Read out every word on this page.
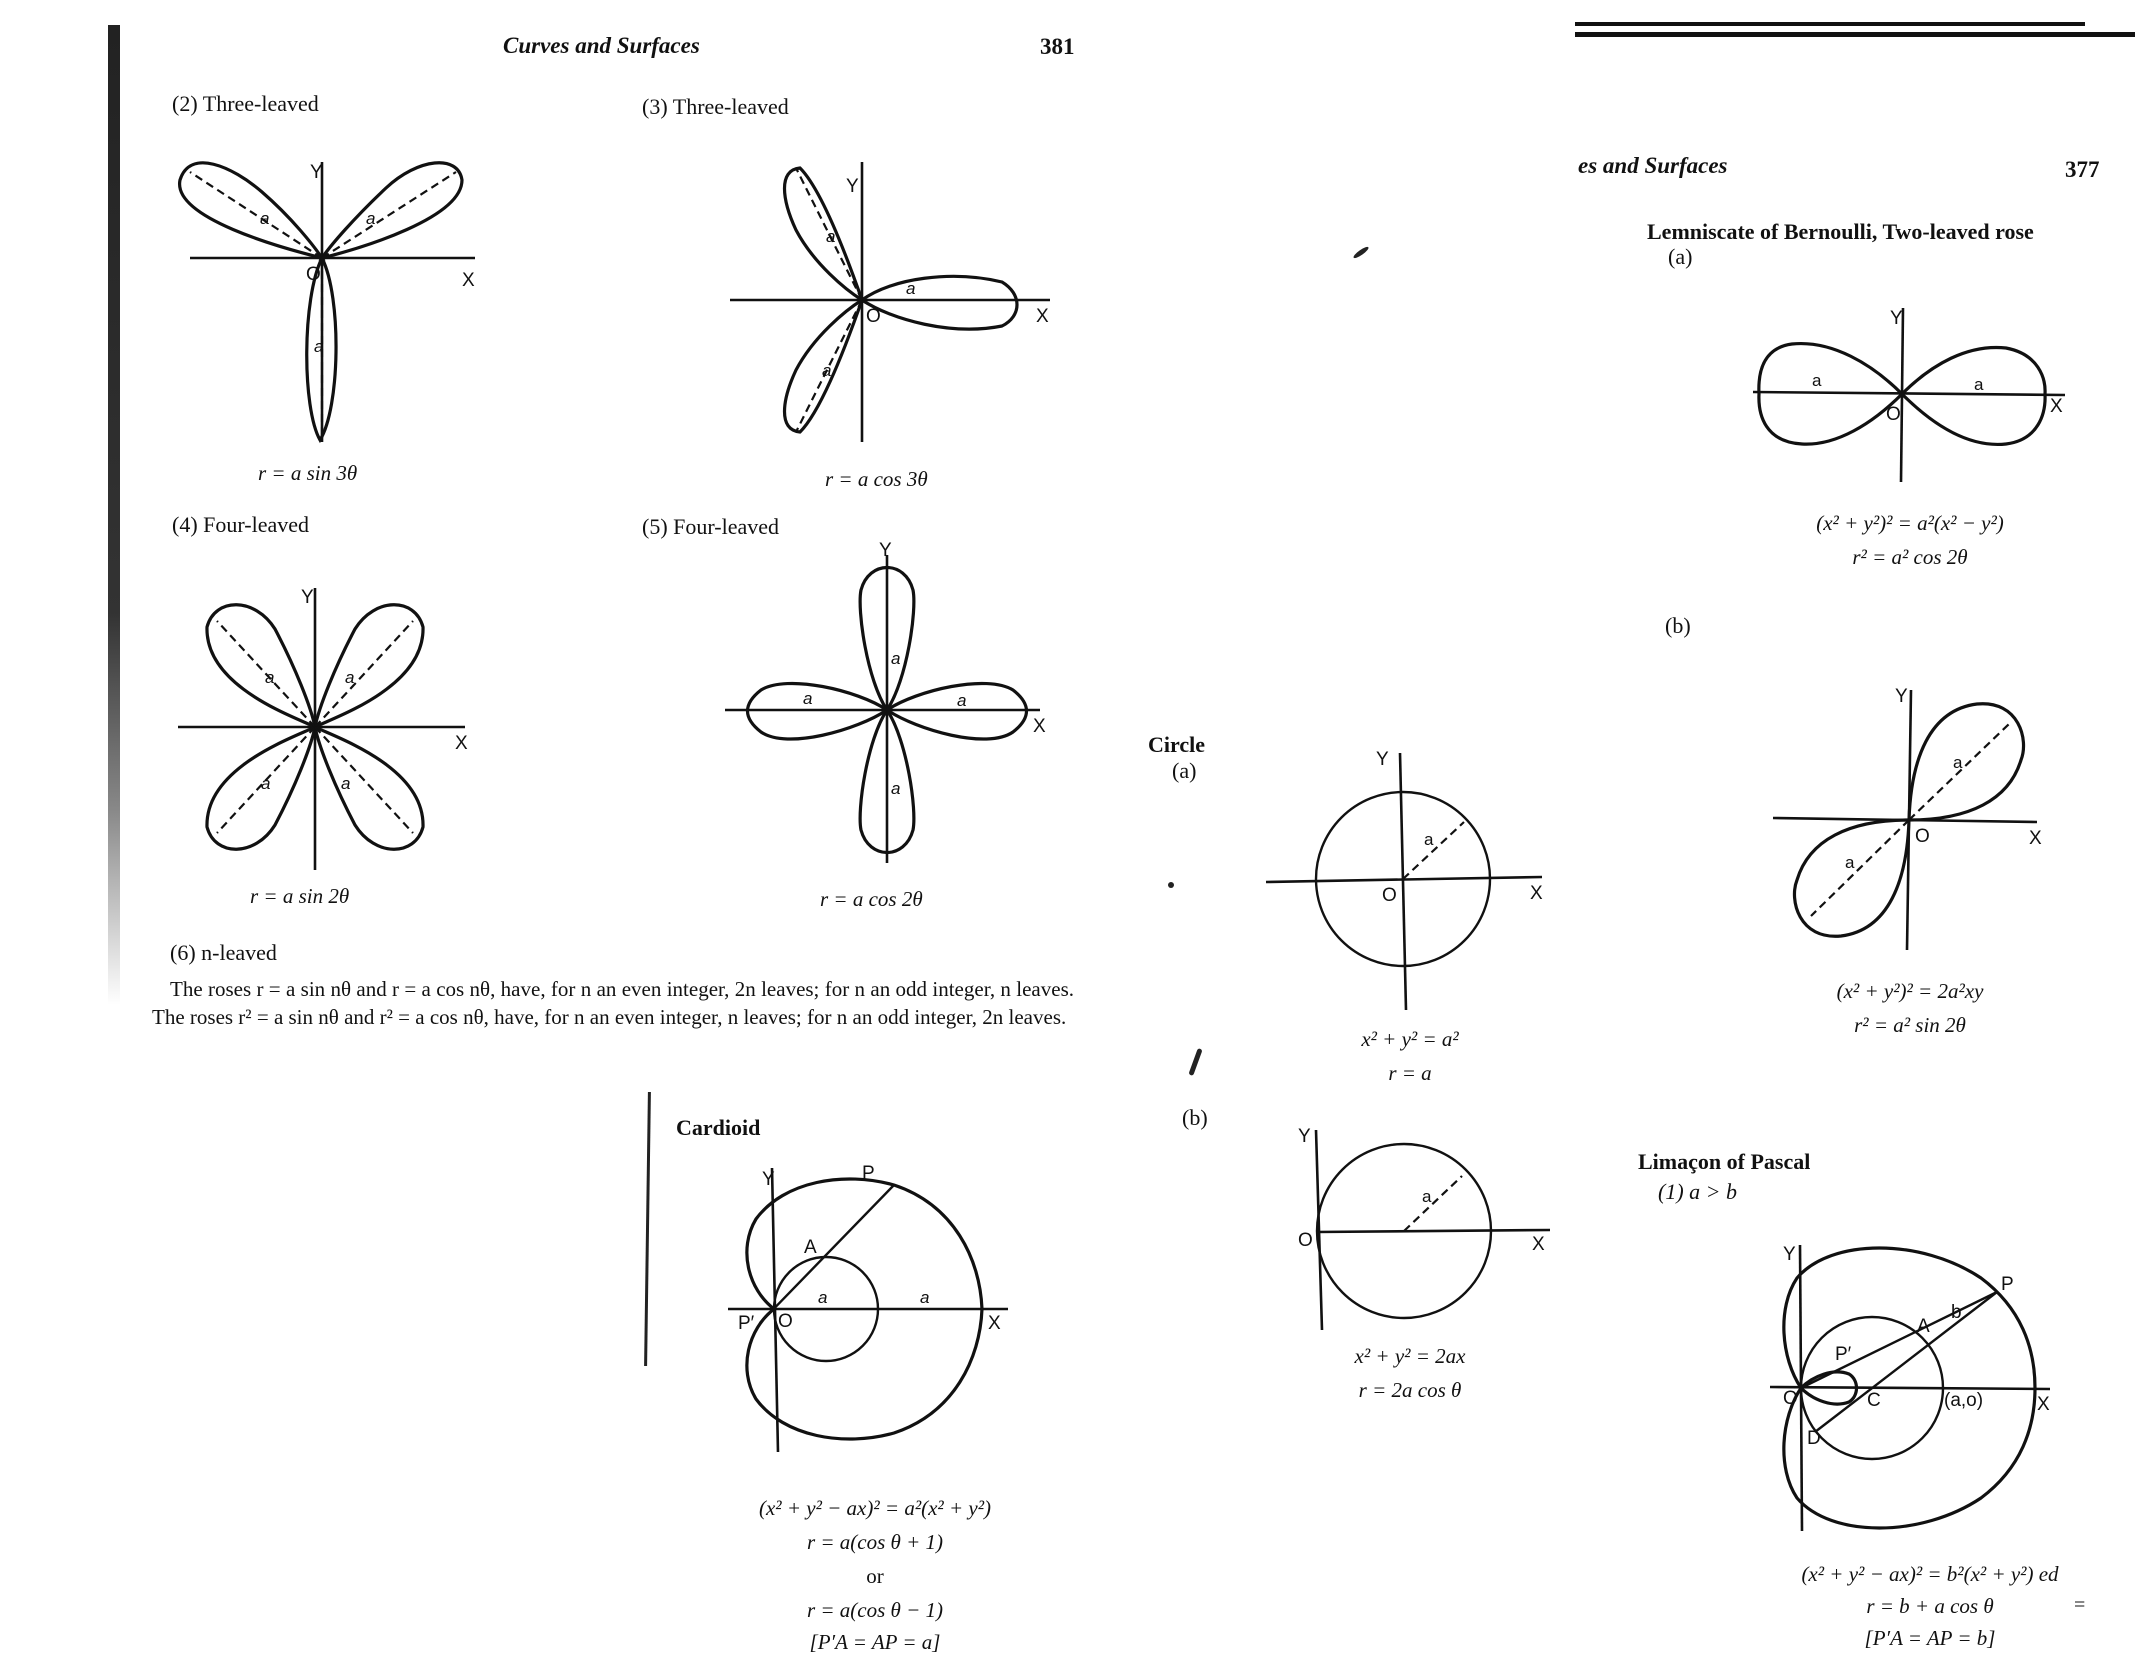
Curves and Surfaces	381
(2) Three-leaved	(3) Three-leaved
a	a
a
O
Y
X
r = a sin 3θ
a
a
a
O
Y
X
r = a cos 3θ
(4) Four-leaved	(5) Four-leaved
a	a
a	a
Y
X
r = a sin 2θ
a
a
a	a
Y
X
r = a cos 2θ
(6) n-leaved
The roses r = a sin nθ and r = a cos nθ, have, for n an even integer, 2n leaves; for n an odd integer, n leaves. The roses r² = a sin nθ and r² = a cos nθ, have, for n an even integer, n leaves; for n an odd integer, 2n leaves.
Cardioid
P
A
P′ O
a	a
Y
X
(x² + y² − ax)² = a²(x² + y²)
r = a(cos θ + 1)
or
r = a(cos θ − 1)
[P′A = AP = a]
Circle
(a)
a
O
Y
X
x² + y² = a²
r = a
(b)
a
O
Y
X
x² + y² = 2ax
r = 2a cos θ
es and Surfaces	377
Lemniscate of Bernoulli, Two-leaved rose
(a)
a	a
O
Y
X
(x² + y²)² = a²(x² − y²)
r² = a² cos 2θ
(b)
a
a
O
Y
X
(x² + y²)² = 2a²xy
r² = a² sin 2θ
Limaçon of Pascal
(1) a > b
P
A
b
P′
C	(a,o)
D
O
Y
X
(x² + y² − ax)² = b²(x² + y²) ed
r = b + a cos θ
[P′A = AP = b]
=
